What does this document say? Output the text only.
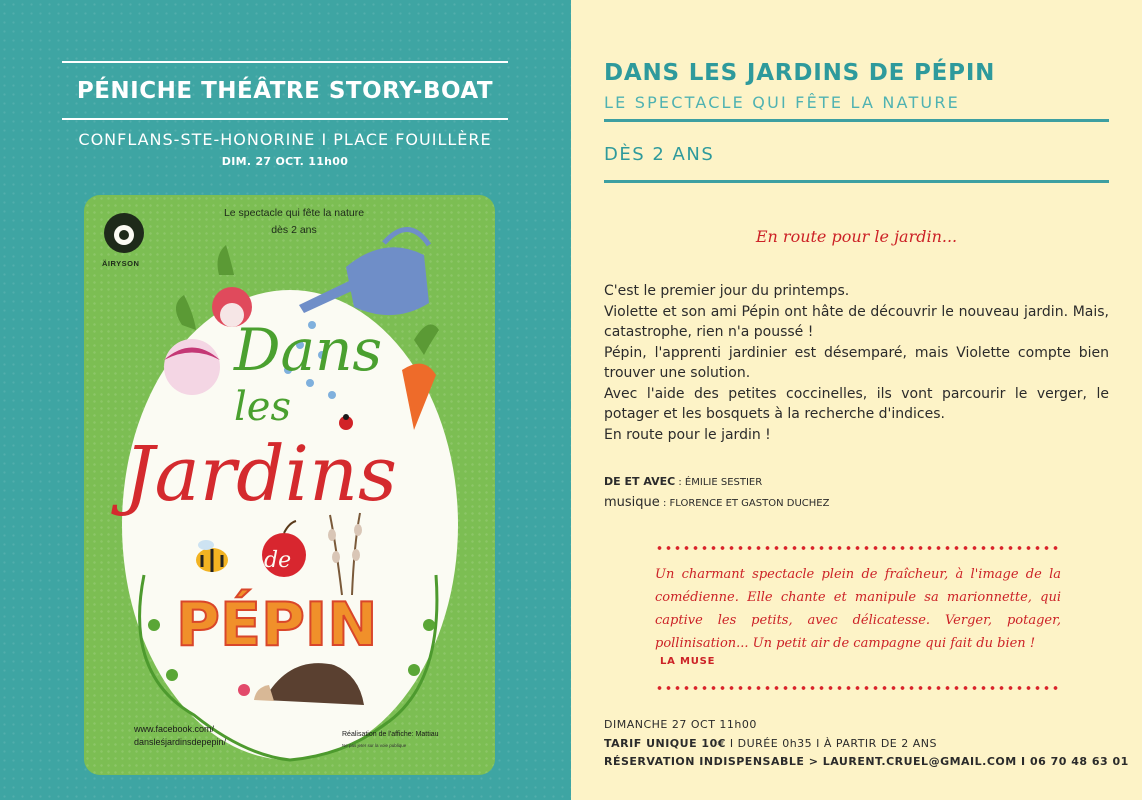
PÉNICHE THÉÂTRE STORY-BOAT
CONFLANS-STE-HONORINE I PLACE FOUILLÈRE
DIM. 27 OCT. 11h00
Dans
les
Jardins
de
PÉPIN
Le spectacle qui fête la nature
dès 2 ans
ÄIRYSON
www.facebook.com/
dansleśjardinsdepepin/
Réalisation de l'affiche: Mattiau
Ne pas jeter sur la voie publique
DANS LES JARDINS DE PÉPIN
LE SPECTACLE QUI FÊTE LA NATURE
DÈS 2 ANS
En route pour le jardin...

C'est le premier jour du printemps.

Violette et son ami Pépin ont hâte de découvrir le nouveau jardin. Mais, catastrophe, rien n'a poussé !

Pépin, l'apprenti jardinier est désemparé, mais Violette compte bien trouver une solution.

Avec l'aide des petites coccinelles, ils vont parcourir le verger, le potager et les bosquets à la recherche d'indices.

En route pour le jardin !

DE ET AVEC : ÉMILIE SESTIER
musique : FLORENCE ET GASTON DUCHEZ
Un charmant spectacle plein de fraîcheur, à l'image de la comédienne. Elle chante et manipule sa marionnette, qui captive les petits, avec délicatesse. Verger, potager, pollinisation... Un petit air de campagne qui fait du bien !
LA MUSE
DIMANCHE 27 OCT 11h00
TARIF UNIQUE 10€ I DURÉE 0h35 I À PARTIR DE 2 ANS
RÉSERVATION INDISPENSABLE > LAURENT.CRUEL@GMAIL.COM I 06 70 48 63 01
